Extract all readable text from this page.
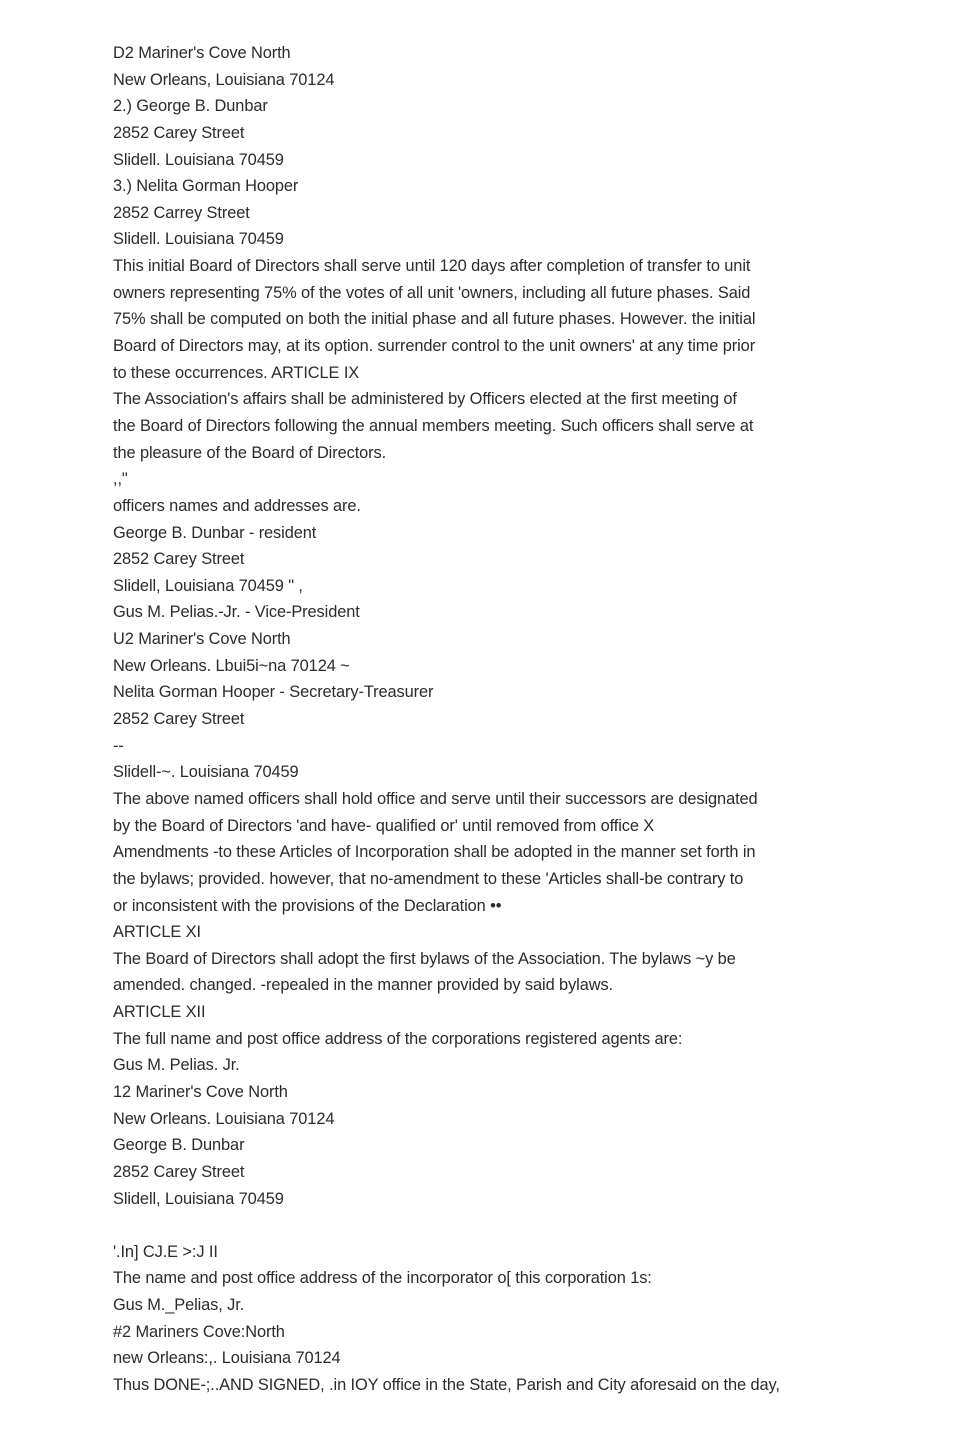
D2 Mariner's Cove North
New Orleans, Louisiana 70124
2.) George B. Dunbar
2852 Carey Street
Slidell. Louisiana 70459
3.) Nelita Gorman Hooper
2852 Carrey Street
Slidell. Louisiana 70459
This initial Board of Directors shall serve until 120 days after completion of transfer to unit
owners representing 75% of the votes of all unit 'owners, including all future phases. Said
75% shall be computed on both the initial phase and all future phases. However. the initial
Board of Directors may, at its option. surrender control to the unit owners' at any time prior
to these occurrences. ARTICLE IX
The Association's affairs shall be administered by Officers elected at the first meeting of
the Board of Directors following the annual members meeting. Such officers shall serve at
the pleasure of the Board of Directors.
,,"
officers names and addresses are.
George B. Dunbar - resident
2852 Carey Street
Slidell, Louisiana 70459 " ,
Gus M. Pelias.-Jr. - Vice-President
U2 Mariner's Cove North
New Orleans. Lbui5i~na 70124 ~
Nelita Gorman Hooper - Secretary-Treasurer
2852 Carey Street
--
Slidell-~. Louisiana 70459
The above named officers shall hold office and serve until their successors are designated
by the Board of Directors 'and have- qualified or' until removed from office X
Amendments -to these Articles of Incorporation shall be adopted in the manner set forth in
the bylaws; provided. however, that no-amendment to these 'Articles shall-be contrary to
or inconsistent with the provisions of the Declaration ••
ARTICLE XI
The Board of Directors shall adopt the first bylaws of the Association. The bylaws ~y be
amended. changed. -repealed in the manner provided by said bylaws.
ARTICLE XII
The full name and post office address of the corporations registered agents are:
Gus M. Pelias. Jr.
12 Mariner's Cove North
New Orleans. Louisiana 70124
George B. Dunbar
2852 Carey Street
Slidell, Louisiana 70459
'.In] CJ.E >:J II
The name and post office address of the incorporator o[ this corporation 1s:
Gus M._Pelias, Jr.
#2 Mariners Cove:North
new Orleans:,. Louisiana 70124
Thus DONE-;..AND SIGNED, .in IOY office in the State, Parish and City aforesaid on the day,
